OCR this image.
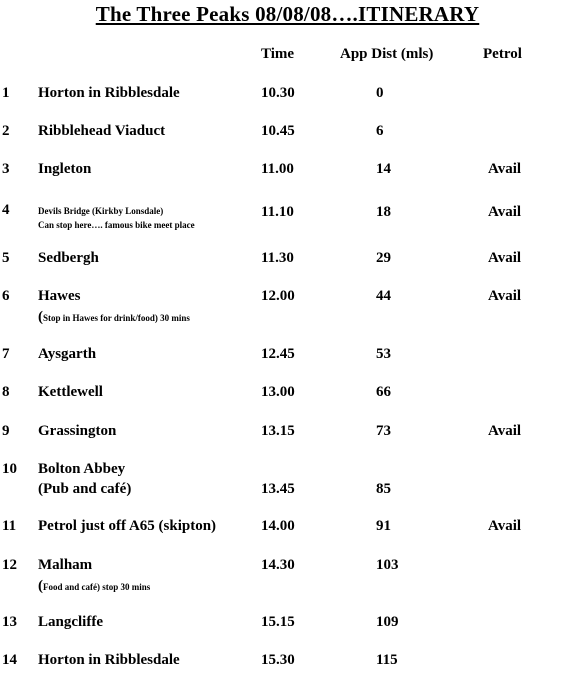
The Three Peaks 08/08/08….ITINERARY
Time	App Dist (mls)	Petrol
1 Horton in Ribblesdale	10.30	0
2 Ribblehead Viaduct	10.45	6
3 Ingleton	11.00	14	Avail
4	Devils Bridge (Kirkby Lonsdale)
Can stop here…. famous bike meet place
11.10	18	Avail
5 Sedbergh	11.30	29	Avail
6 Hawes
(Stop in Hawes for drink/food) 30 mins
12.00	44	Avail
7 Aysgarth	12.45	53
8 Kettlewell	13.00	66
9 Grassington	13.15	73	Avail
10 Bolton Abbey
(Pub and café)	13.45	85
11 Petrol just off A65 (skipton)	14.00	91	Avail
12 Malham
(Food and café) stop 30 mins
14.30	103
13 Langcliffe	15.15	109
14 Horton in Ribblesdale	15.30	115
